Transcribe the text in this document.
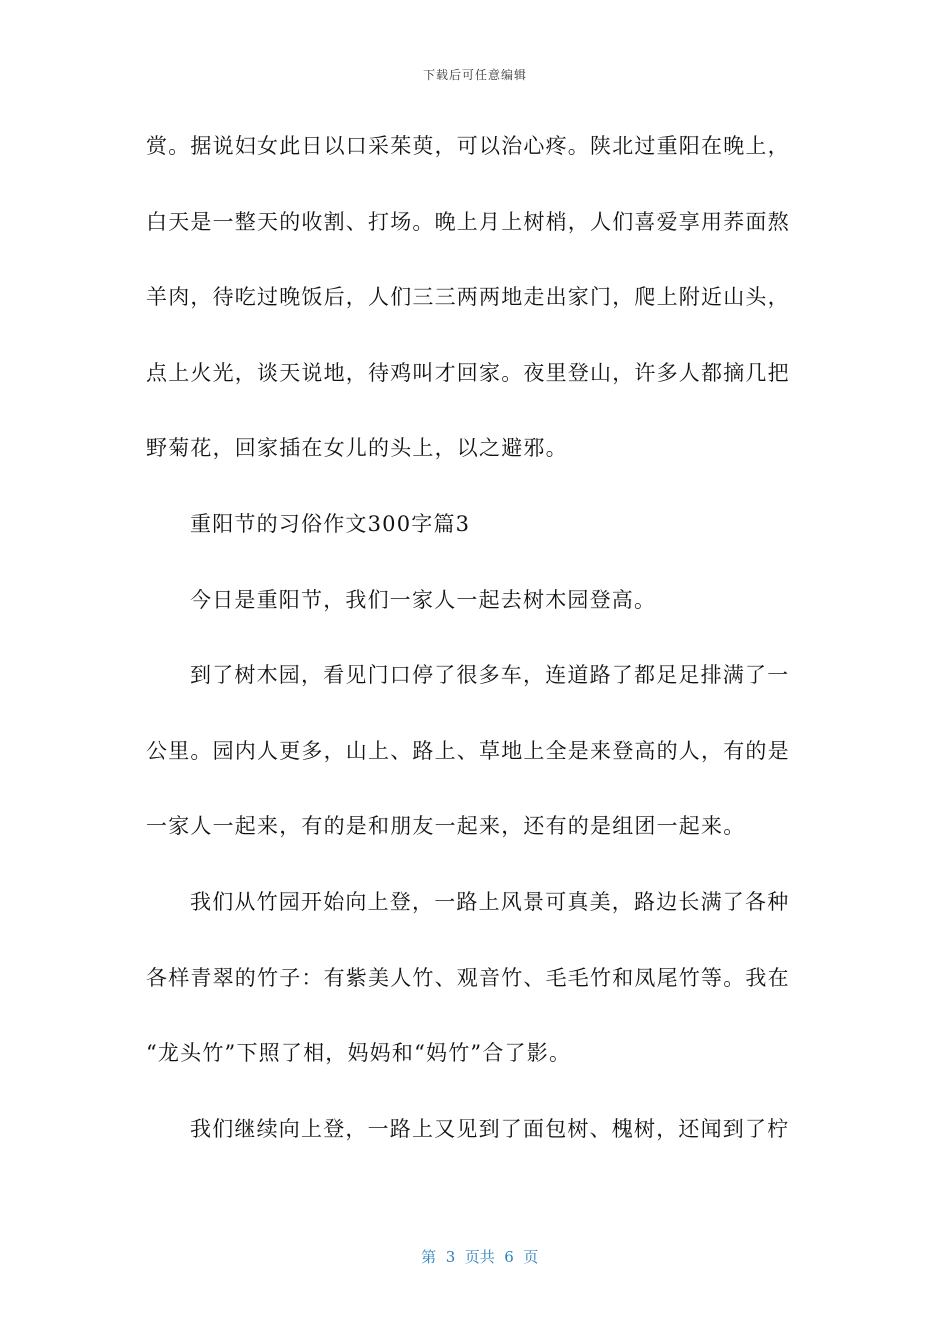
下载后可任意编辑
赏。据说妇女此日以口采茱萸，可以治心疼。陕北过重阳在晚上，
白天是一整天的收割、打场。晚上月上树梢，人们喜爱享用荞面熬
羊肉，待吃过晚饭后，人们三三两两地走出家门，爬上附近山头，
点上火光，谈天说地，待鸡叫才回家。夜里登山，许多人都摘几把
野菊花，回家插在女儿的头上，以之避邪。
重阳节的习俗作文300字篇3
今日是重阳节，我们一家人一起去树木园登高。
到了树木园，看见门口停了很多车，连道路了都足足排满了一
公里。园内人更多，山上、路上、草地上全是来登高的人，有的是
一家人一起来，有的是和朋友一起来，还有的是组团一起来。
我们从竹园开始向上登，一路上风景可真美，路边长满了各种
各样青翠的竹子：有紫美人竹、观音竹、毛毛竹和凤尾竹等。我在
“龙头竹”下照了相，妈妈和“妈竹”合了影。
我们继续向上登，一路上又见到了面包树、槐树，还闻到了柠

第  3  页共  6  页
